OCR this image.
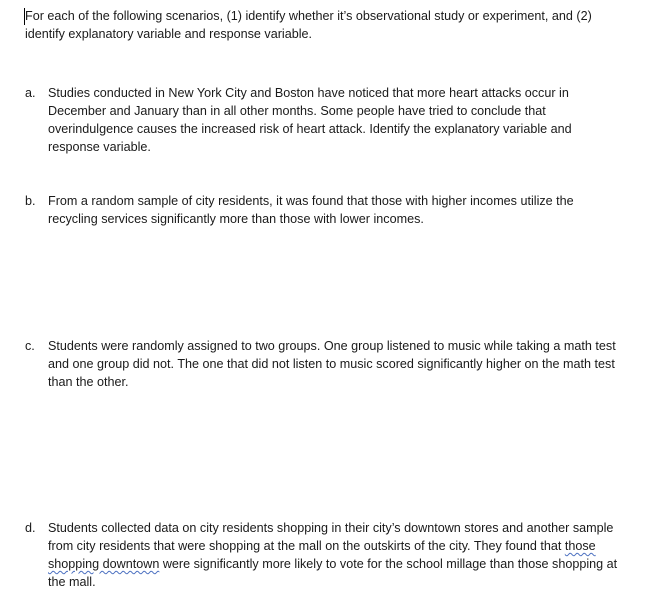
For each of the following scenarios, (1) identify whether it’s observational study or experiment, and (2) identify explanatory variable and response variable.
a. Studies conducted in New York City and Boston have noticed that more heart attacks occur in December and January than in all other months. Some people have tried to conclude that overindulgence causes the increased risk of heart attack. Identify the explanatory variable and response variable.
b. From a random sample of city residents, it was found that those with higher incomes utilize the recycling services significantly more than those with lower incomes.
c.	Students were randomly assigned to two groups. One group listened to music while taking a math test and one group did not. The one that did not listen to music scored significantly higher on the math test than the other.
d. Students collected data on city residents shopping in their city’s downtown stores and another sample from city residents that were shopping at the mall on the outskirts of the city. They found that those shopping downtown were significantly more likely to vote for the school millage than those shopping at the mall.
